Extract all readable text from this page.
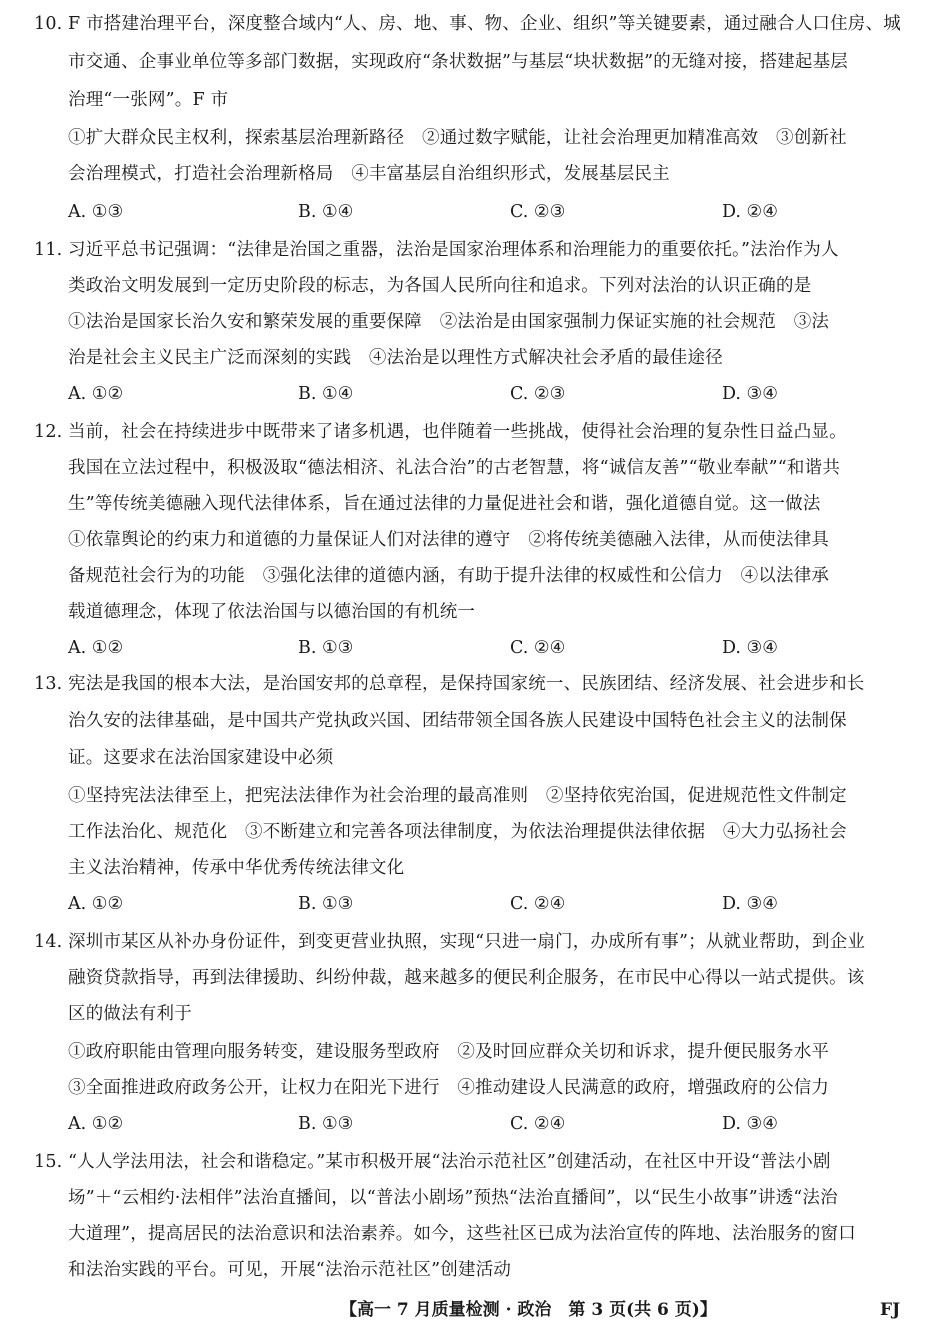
10. F 市搭建治理平台，深度整合域内“人、房、地、事、物、企业、组织”等关键要素，通过融合人口住房、城
市交通、企事业单位等多部门数据，实现政府“条状数据”与基层“块状数据”的无缝对接，搭建起基层
治理“一张网”。F 市
①扩大群众民主权利，探索基层治理新路径　②通过数字赋能，让社会治理更加精准高效　③创新社
会治理模式，打造社会治理新格局　④丰富基层自治组织形式，发展基层民主
A. ①③	B. ①④	C. ②③	D. ②④
11. 习近平总书记强调：“法律是治国之重器，法治是国家治理体系和治理能力的重要依托。”法治作为人
类政治文明发展到一定历史阶段的标志，为各国人民所向往和追求。下列对法治的认识正确的是
①法治是国家长治久安和繁荣发展的重要保障　②法治是由国家强制力保证实施的社会规范　③法
治是社会主义民主广泛而深刻的实践　④法治是以理性方式解决社会矛盾的最佳途径
A. ①②	B. ①④	C. ②③	D. ③④
12. 当前，社会在持续进步中既带来了诸多机遇，也伴随着一些挑战，使得社会治理的复杂性日益凸显。
我国在立法过程中，积极汲取“德法相济、礼法合治”的古老智慧，将“诚信友善”“敬业奉献”“和谐共
生”等传统美德融入现代法律体系，旨在通过法律的力量促进社会和谐，强化道德自觉。这一做法
①依靠舆论的约束力和道德的力量保证人们对法律的遵守　②将传统美德融入法律，从而使法律具
备规范社会行为的功能　③强化法律的道德内涵，有助于提升法律的权威性和公信力　④以法律承
载道德理念，体现了依法治国与以德治国的有机统一
A. ①②	B. ①③	C. ②④	D. ③④
13. 宪法是我国的根本大法，是治国安邦的总章程，是保持国家统一、民族团结、经济发展、社会进步和长
治久安的法律基础，是中国共产党执政兴国、团结带领全国各族人民建设中国特色社会主义的法制保
证。这要求在法治国家建设中必须
①坚持宪法法律至上，把宪法法律作为社会治理的最高准则　②坚持依宪治国，促进规范性文件制定
工作法治化、规范化　③不断建立和完善各项法律制度，为依法治理提供法律依据　④大力弘扬社会
主义法治精神，传承中华优秀传统法律文化
A. ①②	B. ①③	C. ②④	D. ③④
14. 深圳市某区从补办身份证件，到变更营业执照，实现“只进一扇门，办成所有事”；从就业帮助，到企业
融资贷款指导，再到法律援助、纠纷仲裁，越来越多的便民利企服务，在市民中心得以一站式提供。该
区的做法有利于
①政府职能由管理向服务转变，建设服务型政府　②及时回应群众关切和诉求，提升便民服务水平
③全面推进政府政务公开，让权力在阳光下进行　④推动建设人民满意的政府，增强政府的公信力
A. ①②	B. ①③	C. ②④	D. ③④
15. “人人学法用法，社会和谐稳定。”某市积极开展“法治示范社区”创建活动，在社区中开设“普法小剧
场”＋“云相约·法相伴”法治直播间，以“普法小剧场”预热“法治直播间”，以“民生小故事”讲透“法治
大道理”，提高居民的法治意识和法治素养。如今，这些社区已成为法治宣传的阵地、法治服务的窗口
和法治实践的平台。可见，开展“法治示范社区”创建活动
【高一 7 月质量检测 · 政治　第 3 页(共 6 页)】	FJ
